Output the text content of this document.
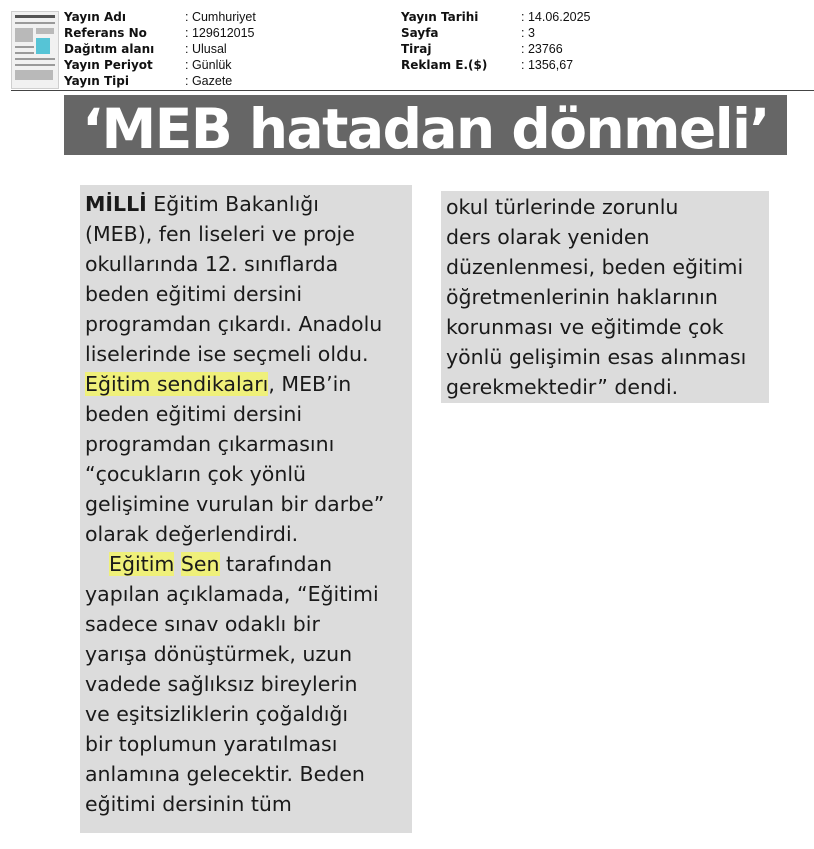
Yayın Adı	: Cumhuriyet
Referans No	: 129612015
Dağıtım alanı	: Ulusal
Yayın Periyot	: Günlük
Yayın Tipi	: Gazete
Yayın Tarihi	: 14.06.2025
Sayfa	: 3
Tiraj	: 23766
Reklam E.($)	: 1356,67
‘MEB hatadan dönmeli’
MİLLİ Eğitim Bakanlığı
(MEB), fen liseleri ve proje
okullarında 12. sınıflarda
beden eğitimi dersini
programdan çıkardı. Anadolu
liselerinde ise seçmeli oldu.
Eğitim sendikaları, MEB’in
beden eğitimi dersini
programdan çıkarmasını
“çocukların çok yönlü
gelişimine vurulan bir darbe”
olarak değerlendirdi.
Eğitim Sen tarafından
yapılan açıklamada, “Eğitimi
sadece sınav odaklı bir
yarışa dönüştürmek, uzun
vadede sağlıksız bireylerin
ve eşitsizliklerin çoğaldığı
bir toplumun yaratılması
anlamına gelecektir. Beden
eğitimi dersinin tüm
okul türlerinde zorunlu
ders olarak yeniden
düzenlenmesi, beden eğitimi
öğretmenlerinin haklarının
korunması ve eğitimde çok
yönlü gelişimin esas alınması
gerekmektedir” dendi.
